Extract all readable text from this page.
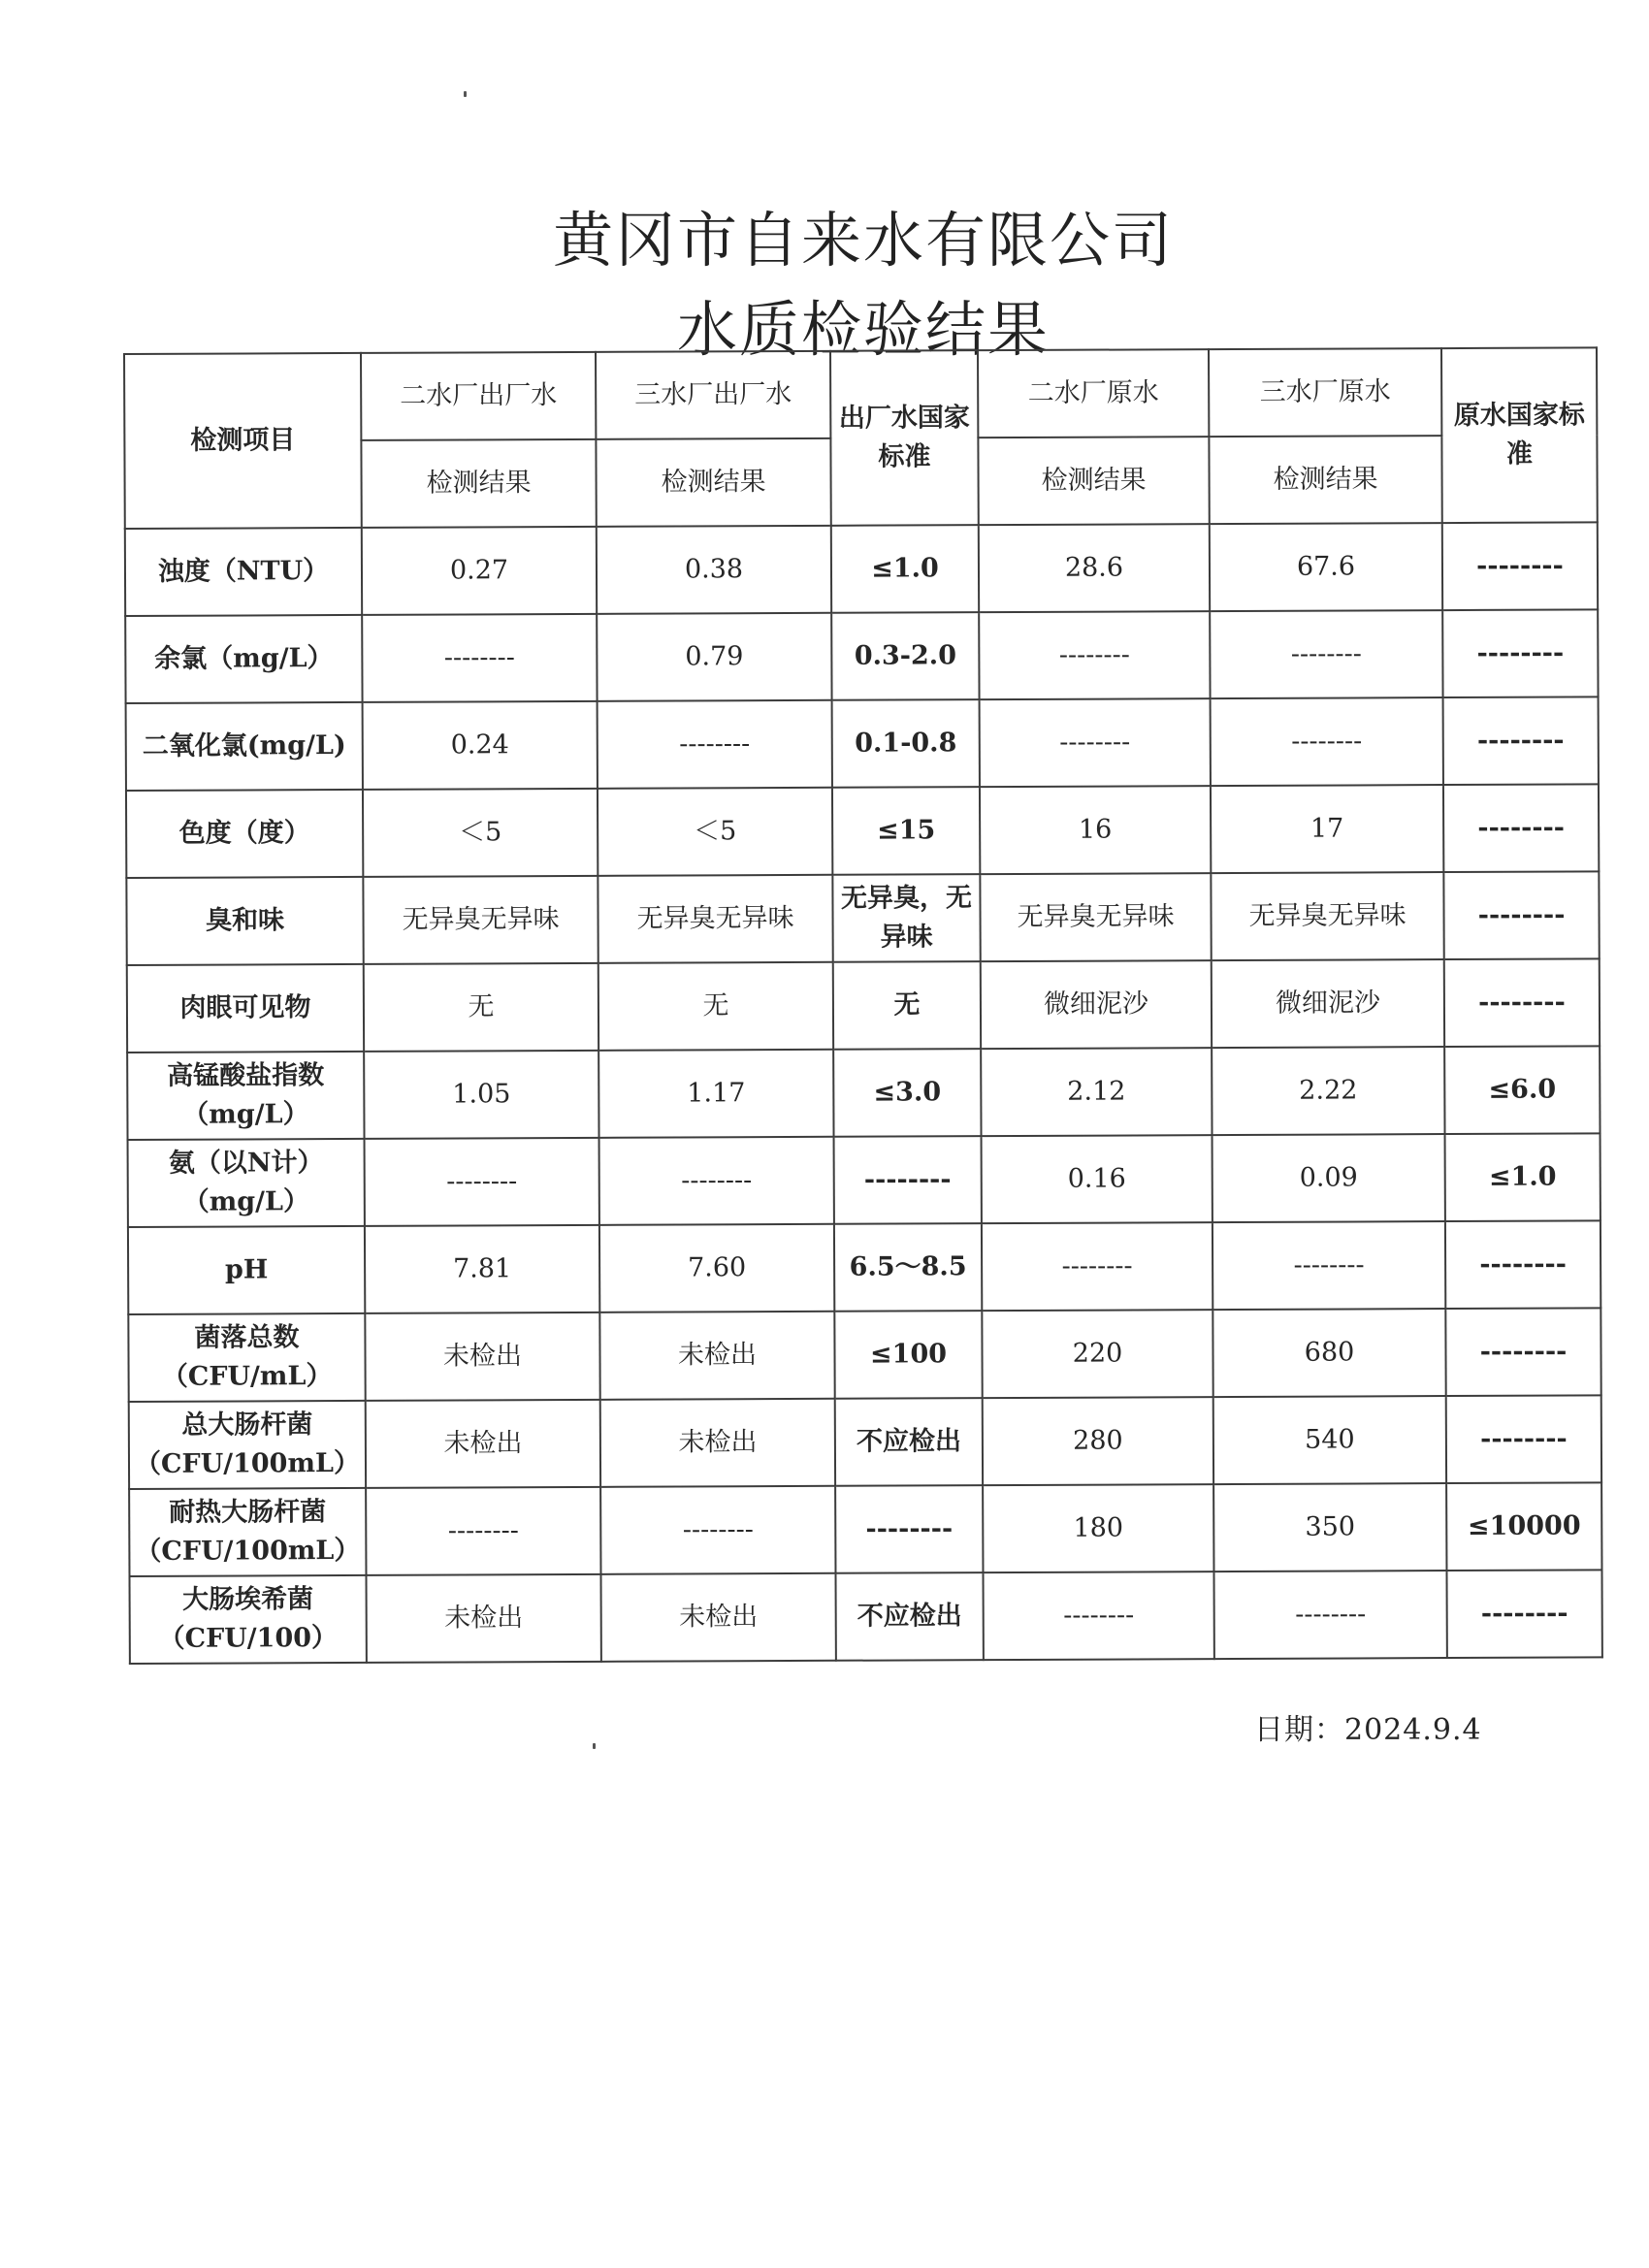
黄冈市自来水有限公司
水质检验结果
检测项目	二水厂出厂水	三水厂出厂水	出厂水国家标准	二水厂原水	三水厂原水	原水国家标准
	检测结果	检测结果		检测结果	检测结果	
浊度（NTU）	0.27	0.38	≤1.0	28.6	67.6	--------
余氯（mg/L）	--------	0.79	0.3-2.0	--------	--------	--------
二氧化氯(mg/L)	0.24	--------	0.1-0.8	--------	--------	--------
色度（度）	＜5	＜5	≤15	16	17	--------
臭和味	无异臭无异味	无异臭无异味	无异臭，无异味	无异臭无异味	无异臭无异味	--------
肉眼可见物	无	无	无	微细泥沙	微细泥沙	--------
高锰酸盐指数（mg/L）	1.05	1.17	≤3.0	2.12	2.22	≤6.0
氨（以N计）（mg/L）	--------	--------	--------	0.16	0.09	≤1.0
pH	7.81	7.60	6.5～8.5	--------	--------	--------
菌落总数（CFU/mL）	未检出	未检出	≤100	220	680	--------
总大肠杆菌（CFU/100mL）	未检出	未检出	不应检出	280	540	--------
耐热大肠杆菌（CFU/100mL）	--------	--------	--------	180	350	≤10000
大肠埃希菌（CFU/100）	未检出	未检出	不应检出	--------	--------	--------
日期：2024.9.4
